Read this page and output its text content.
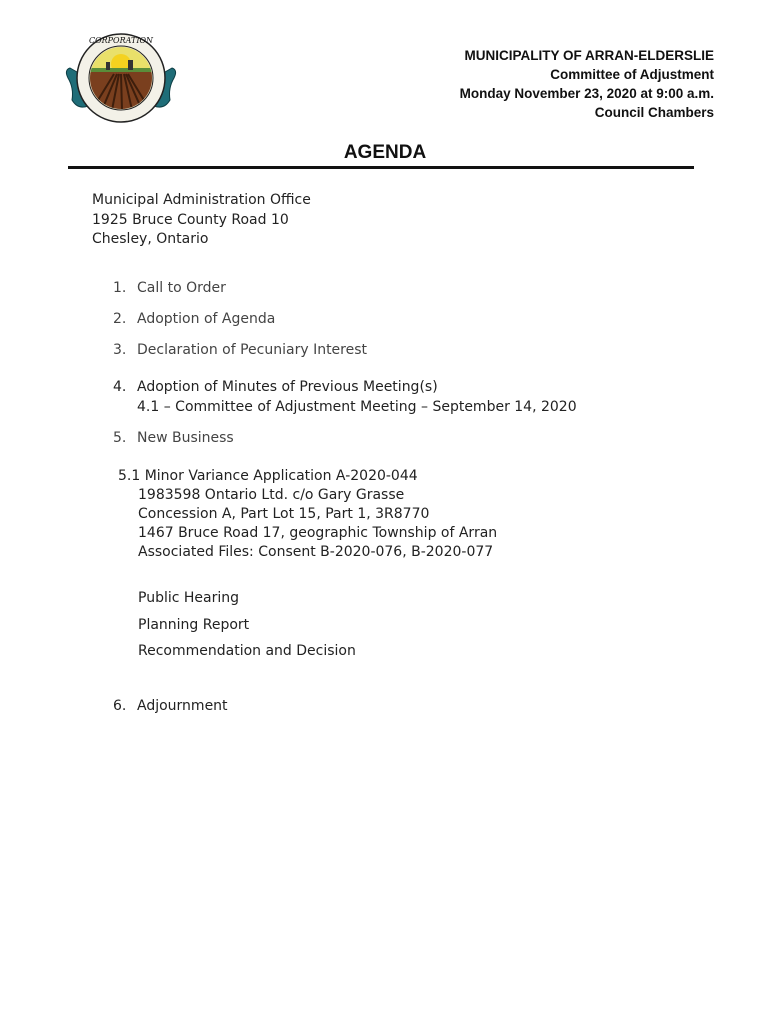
CORPORATION
MUNICIPALITY OF ARRAN-ELDERSLIE
Committee of Adjustment
Monday November 23, 2020 at 9:00 a.m.
Council Chambers
AGENDA
Municipal Administration Office
1925 Bruce County Road 10
Chesley, Ontario
1. Call to Order
2. Adoption of Agenda
3. Declaration of Pecuniary Interest
4. Adoption of Minutes of Previous Meeting(s)
4.1 – Committee of Adjustment Meeting – September 14, 2020
5. New Business
5.1 Minor Variance Application A-2020-044
1983598 Ontario Ltd. c/o Gary Grasse
Concession A, Part Lot 15, Part 1, 3R8770
1467 Bruce Road 17, geographic Township of Arran
Associated Files: Consent B-2020-076, B-2020-077
Public Hearing
Planning Report
Recommendation and Decision
6. Adjournment
